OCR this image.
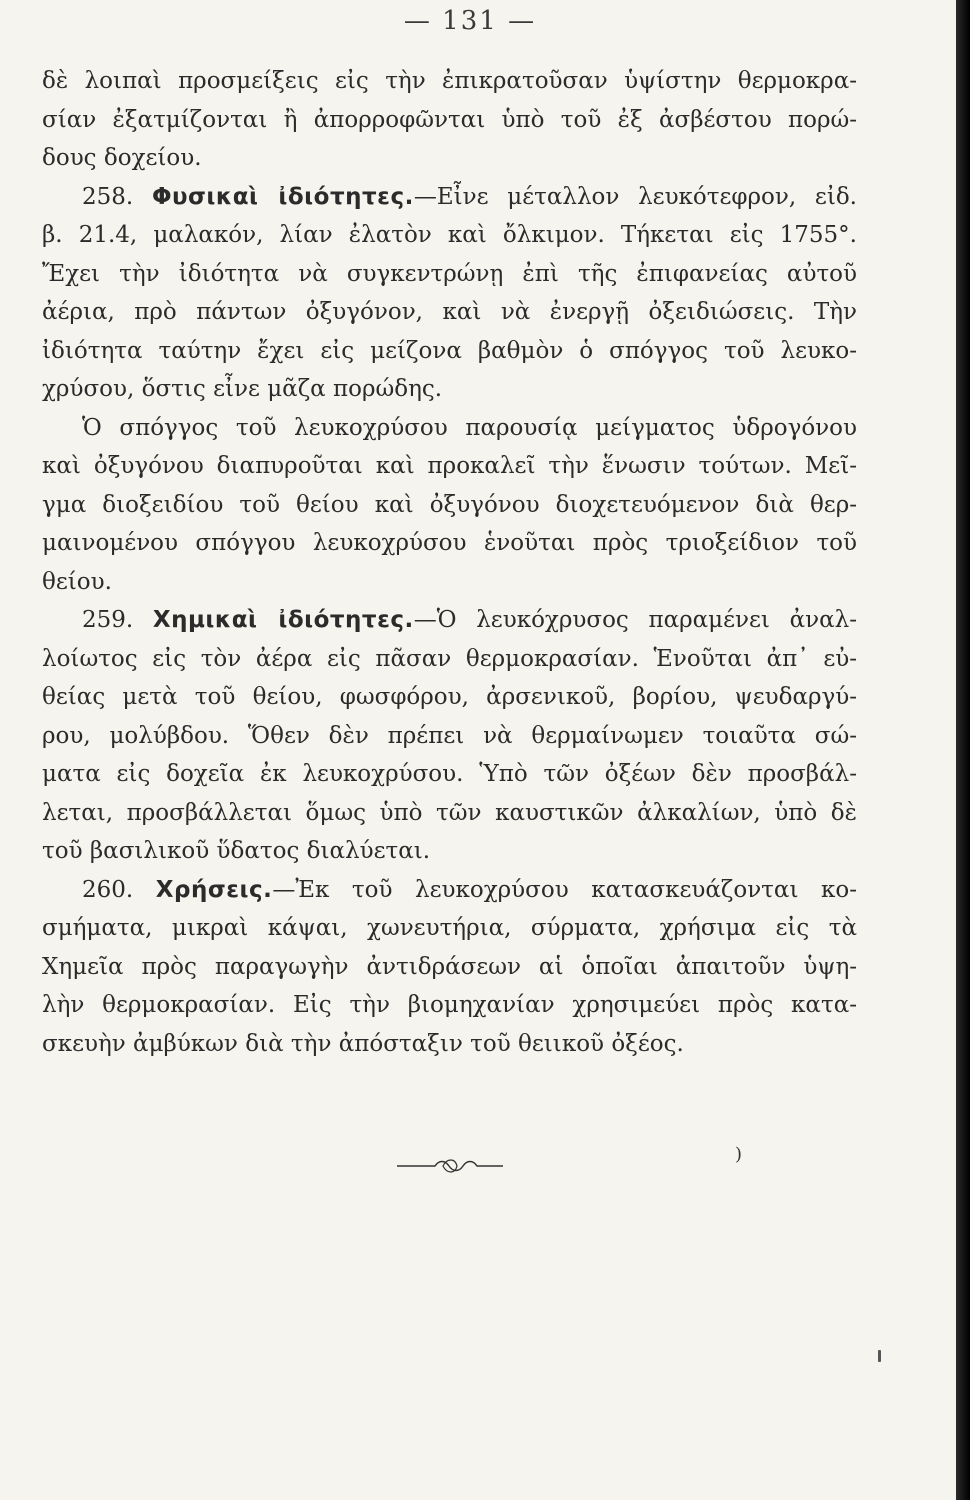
— 131 —
δὲ λοιπαὶ προσμείξεις εἰς τὴν ἐπικρατοῦσαν ὑψίστην θερμοκρα-
σίαν ἐξατμίζονται ἢ ἀπορροφῶνται ὑπὸ τοῦ ἐξ ἀσβέστου πορώ-
δους δοχείου.
258. Φυσικαὶ ἰδιότητες.—Εἶνε μέταλλον λευκότεφρον, εἰδ.
β. 21.4, μαλακόν, λίαν ἐλατὸν καὶ ὄλκιμον. Τήκεται εἰς 1755°.
Ἔχει τὴν ἰδιότητα νὰ συγκεντρώνῃ ἐπὶ τῆς ἐπιφανείας αὐτοῦ
ἀέρια, πρὸ πάντων ὀξυγόνον, καὶ νὰ ἐνεργῇ ὀξειδιώσεις. Τὴν
ἰδιότητα ταύτην ἔχει εἰς μείζονα βαθμὸν ὁ σπόγγος τοῦ λευκο-
χρύσου, ὅστις εἶνε μᾶζα πορώδης.
Ὁ σπόγγος τοῦ λευκοχρύσου παρουσίᾳ μείγματος ὑδρογόνου
καὶ ὀξυγόνου διαπυροῦται καὶ προκαλεῖ τὴν ἕνωσιν τούτων. Μεῖ-
γμα διοξειδίου τοῦ θείου καὶ ὀξυγόνου διοχετευόμενον διὰ θερ-
μαινομένου σπόγγου λευκοχρύσου ἑνοῦται πρὸς τριοξείδιον τοῦ
θείου.
259. Χημικαὶ ἰδιότητες.—Ὁ λευκόχρυσος παραμένει ἀναλ-
λοίωτος εἰς τὸν ἀέρα εἰς πᾶσαν θερμοκρασίαν. Ἑνοῦται ἀπ᾽ εὐ-
θείας μετὰ τοῦ θείου, φωσφόρου, ἀρσενικοῦ, βορίου, ψευδαργύ-
ρου, μολύβδου. Ὅθεν δὲν πρέπει νὰ θερμαίνωμεν τοιαῦτα σώ-
ματα εἰς δοχεῖα ἐκ λευκοχρύσου. Ὑπὸ τῶν ὀξέων δὲν προσβάλ-
λεται, προσβάλλεται ὅμως ὑπὸ τῶν καυστικῶν ἀλκαλίων, ὑπὸ δὲ
τοῦ βασιλικοῦ ὕδατος διαλύεται.
260. Χρήσεις.—Ἐκ τοῦ λευκοχρύσου κατασκευάζονται κο-
σμήματα, μικραὶ κάψαι, χωνευτήρια, σύρματα, χρήσιμα εἰς τὰ
Χημεῖα πρὸς παραγωγὴν ἀντιδράσεων αἱ ὁποῖαι ἀπαιτοῦν ὑψη-
λὴν θερμοκρασίαν. Εἰς τὴν βιομηχανίαν χρησιμεύει πρὸς κατα-
σκευὴν ἀμβύκων διὰ τὴν ἀπόσταξιν τοῦ θειικοῦ ὀξέος.
)
